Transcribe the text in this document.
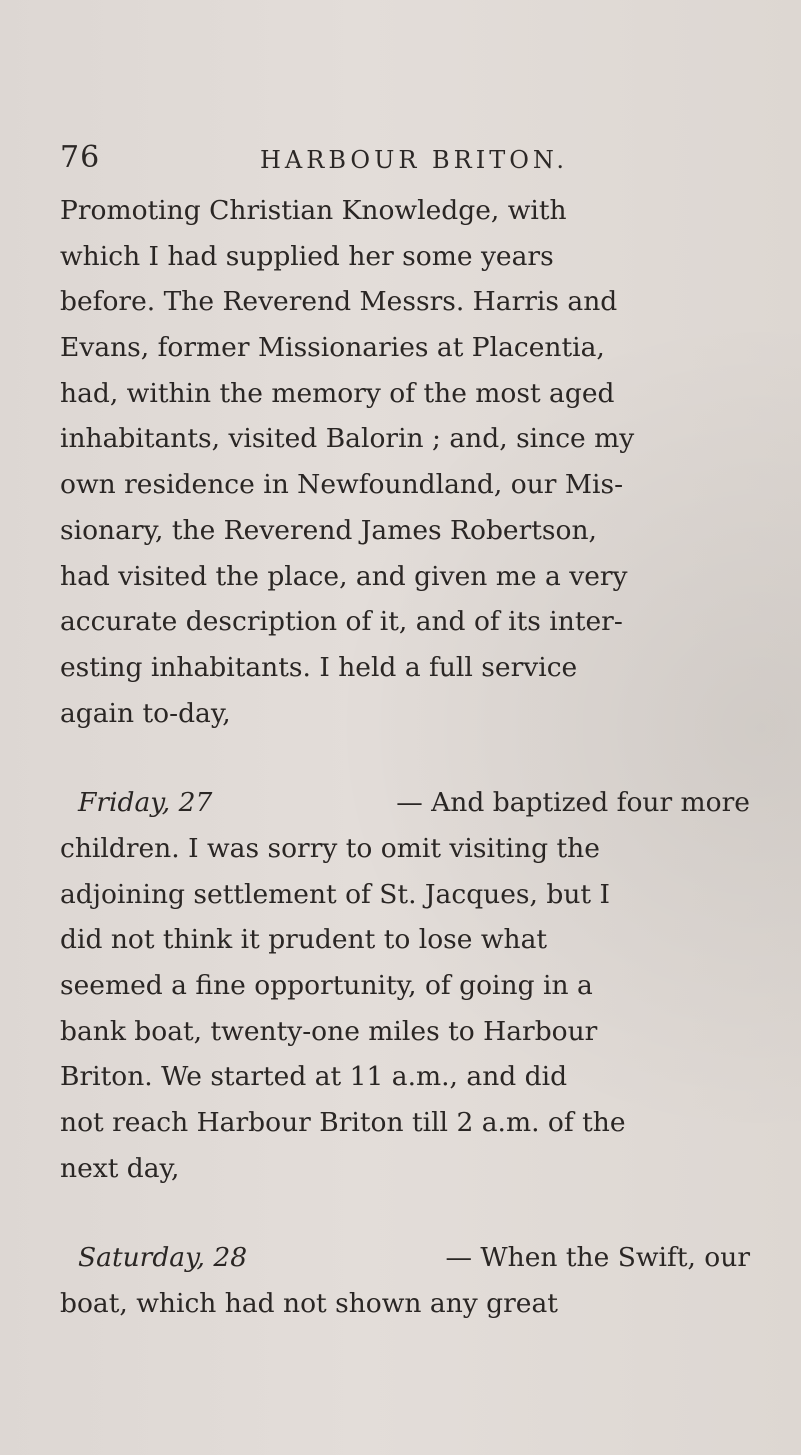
76	HARBOUR BRITON.
Promoting Christian Knowledge, with
which I had supplied her some years
before. The Reverend Messrs. Harris and
Evans, former Missionaries at Placentia,
had, within the memory of the most aged
inhabitants, visited Balorin ; and, since my
own residence in Newfoundland, our Mis-
sionary, the Reverend James Robertson,
had visited the place, and given me a very
accurate description of it, and of its inter-
esting inhabitants. I held a full service
again to-day,
Friday, 27	— And baptized four more
children. I was sorry to omit visiting the
adjoining settlement of St. Jacques, but I
did not think it prudent to lose what
seemed a fine opportunity, of going in a
bank boat, twenty-one miles to Harbour
Briton. We started at 11 a.m., and did
not reach Harbour Briton till 2 a.m. of the
next day,
Saturday, 28	— When the Swift, our
boat, which had not shown any great
